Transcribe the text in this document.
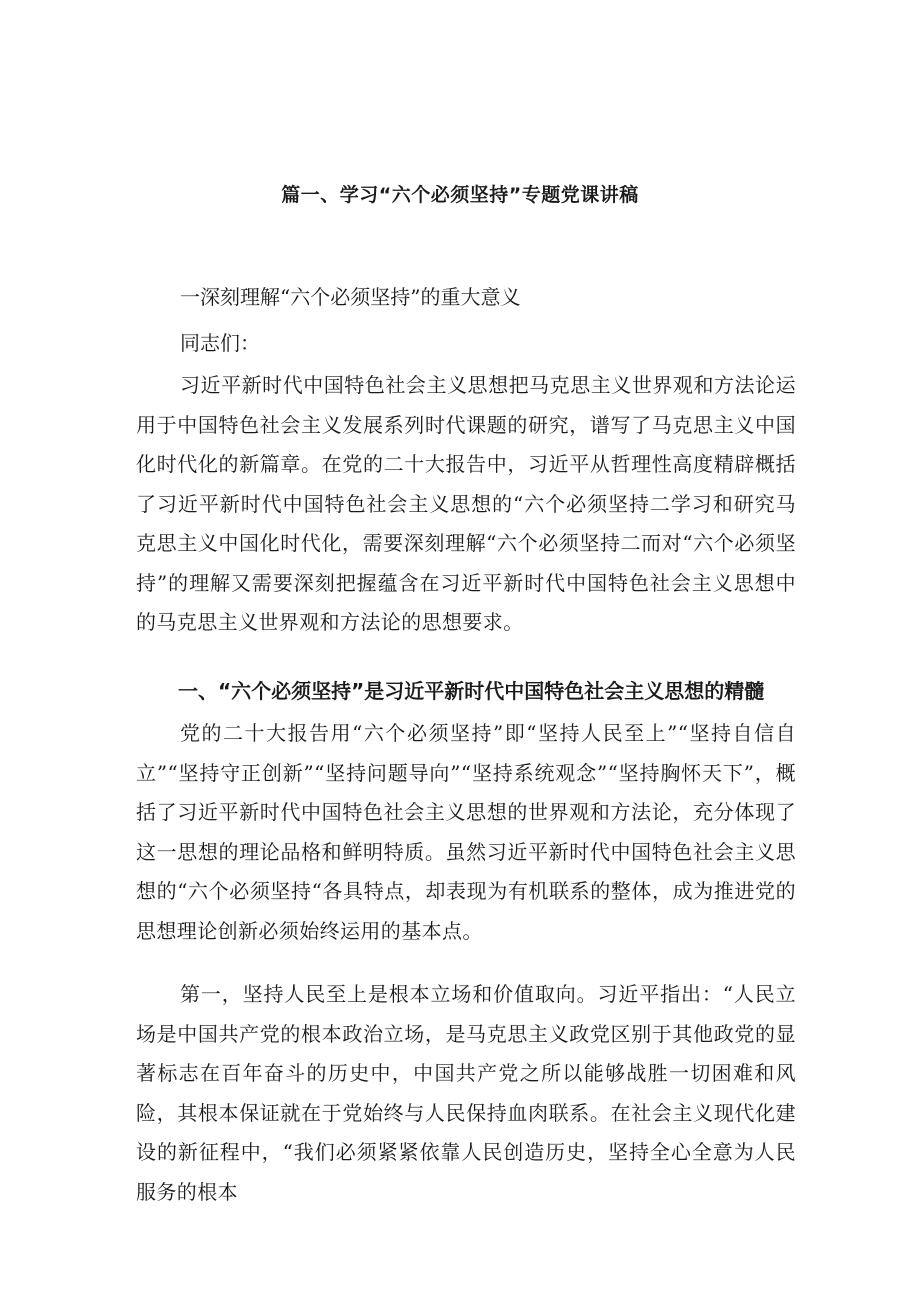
篇一、学习“六个必须坚持”专题党课讲稿
一深刻理解“六个必须坚持”的重大意义
同志们：
习近平新时代中国特色社会主义思想把马克思主义世界观和方法论运用于中国特色社会主义发展系列时代课题的研究，谱写了马克思主义中国化时代化的新篇章。在党的二十大报告中，习近平从哲理性高度精辟概括了习近平新时代中国特色社会主义思想的“六个必须坚持二学习和研究马克思主义中国化时代化，需要深刻理解“六个必须坚持二而对“六个必须坚持”的理解又需要深刻把握蕴含在习近平新时代中国特色社会主义思想中的马克思主义世界观和方法论的思想要求。
一、“六个必须坚持”是习近平新时代中国特色社会主义思想的精髓
党的二十大报告用“六个必须坚持”即“坚持人民至上”“坚持自信自立”“坚持守正创新”“坚持问题导向”“坚持系统观念”“坚持胸怀天下”，概括了习近平新时代中国特色社会主义思想的世界观和方法论，充分体现了这一思想的理论品格和鲜明特质。虽然习近平新时代中国特色社会主义思想的“六个必须坚持“各具特点，却表现为有机联系的整体，成为推进党的思想理论创新必须始终运用的基本点。
第一，坚持人民至上是根本立场和价值取向。习近平指出：“人民立场是中国共产党的根本政治立场，是马克思主义政党区别于其他政党的显著标志在百年奋斗的历史中，中国共产党之所以能够战胜一切困难和风险，其根本保证就在于党始终与人民保持血肉联系。在社会主义现代化建设的新征程中，“我们必须紧紧依靠人民创造历史，坚持全心全意为人民服务的根本
